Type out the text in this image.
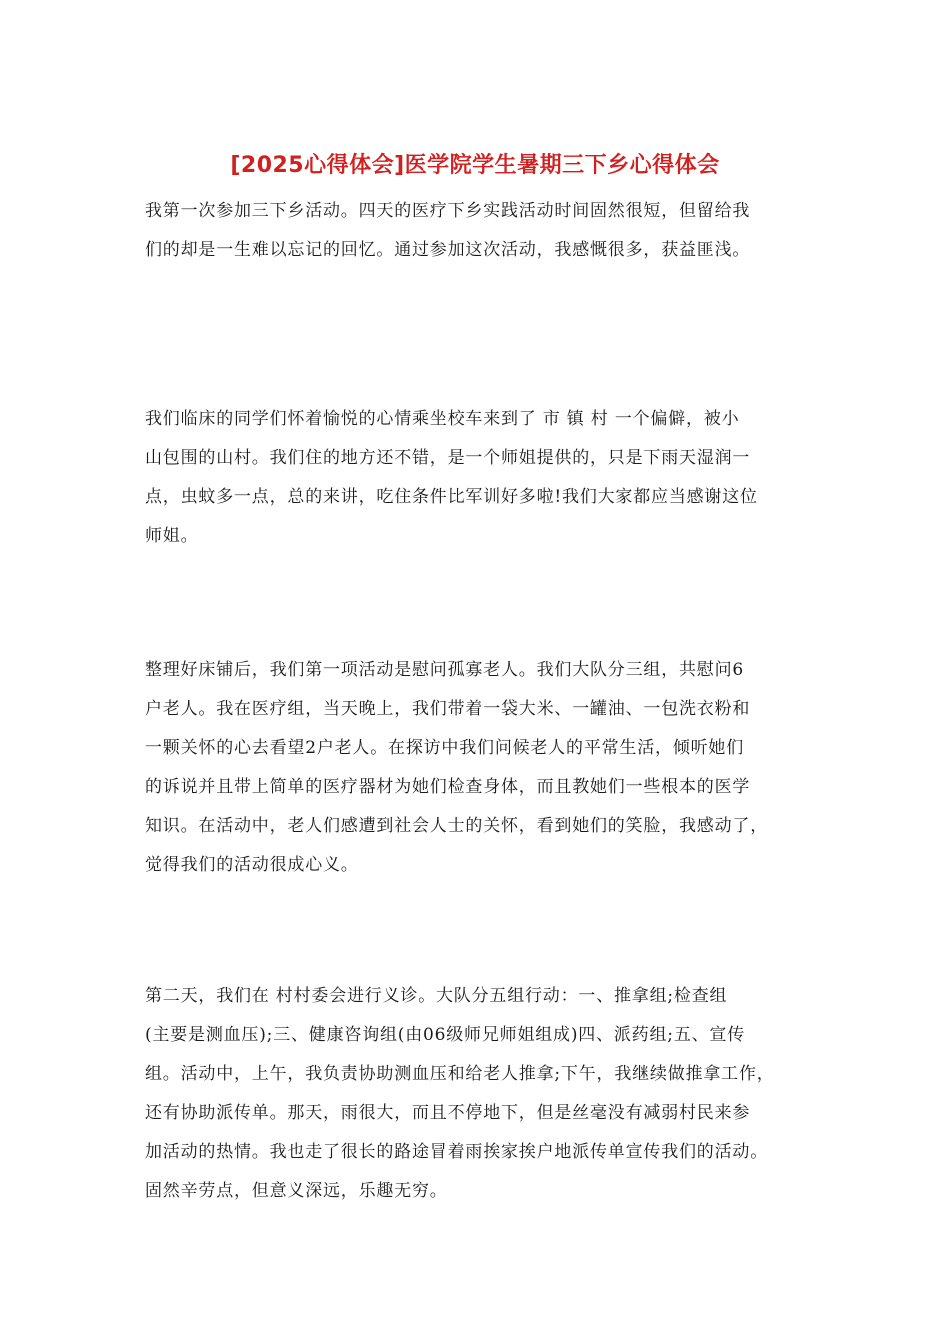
[2025心得体会]医学院学生暑期三下乡心得体会
我第一次参加三下乡活动。四天的医疗下乡实践活动时间固然很短，但留给我
们的却是一生难以忘记的回忆。通过参加这次活动，我感慨很多，获益匪浅。
我们临床的同学们怀着愉悦的心情乘坐校车来到了 市 镇 村 一个偏僻，被小
山包围的山村。我们住的地方还不错，是一个师姐提供的，只是下雨天湿润一
点，虫蚊多一点，总的来讲，吃住条件比军训好多啦!我们大家都应当感谢这位
师姐。
整理好床铺后，我们第一项活动是慰问孤寡老人。我们大队分三组，共慰问6
户老人。我在医疗组，当天晚上，我们带着一袋大米、一罐油、一包洗衣粉和
一颗关怀的心去看望2户老人。在探访中我们问候老人的平常生活，倾听她们
的诉说并且带上简单的医疗器材为她们检查身体，而且教她们一些根本的医学
知识。在活动中，老人们感遭到社会人士的关怀，看到她们的笑脸，我感动了，
觉得我们的活动很成心义。
第二天，我们在 村村委会进行义诊。大队分五组行动：一、推拿组;检查组
(主要是测血压);三、健康咨询组(由06级师兄师姐组成)四、派药组;五、宣传
组。活动中，上午，我负责协助测血压和给老人推拿;下午，我继续做推拿工作，
还有协助派传单。那天，雨很大，而且不停地下，但是丝毫没有减弱村民来参
加活动的热情。我也走了很长的路途冒着雨挨家挨户地派传单宣传我们的活动。
固然辛劳点，但意义深远，乐趣无穷。
